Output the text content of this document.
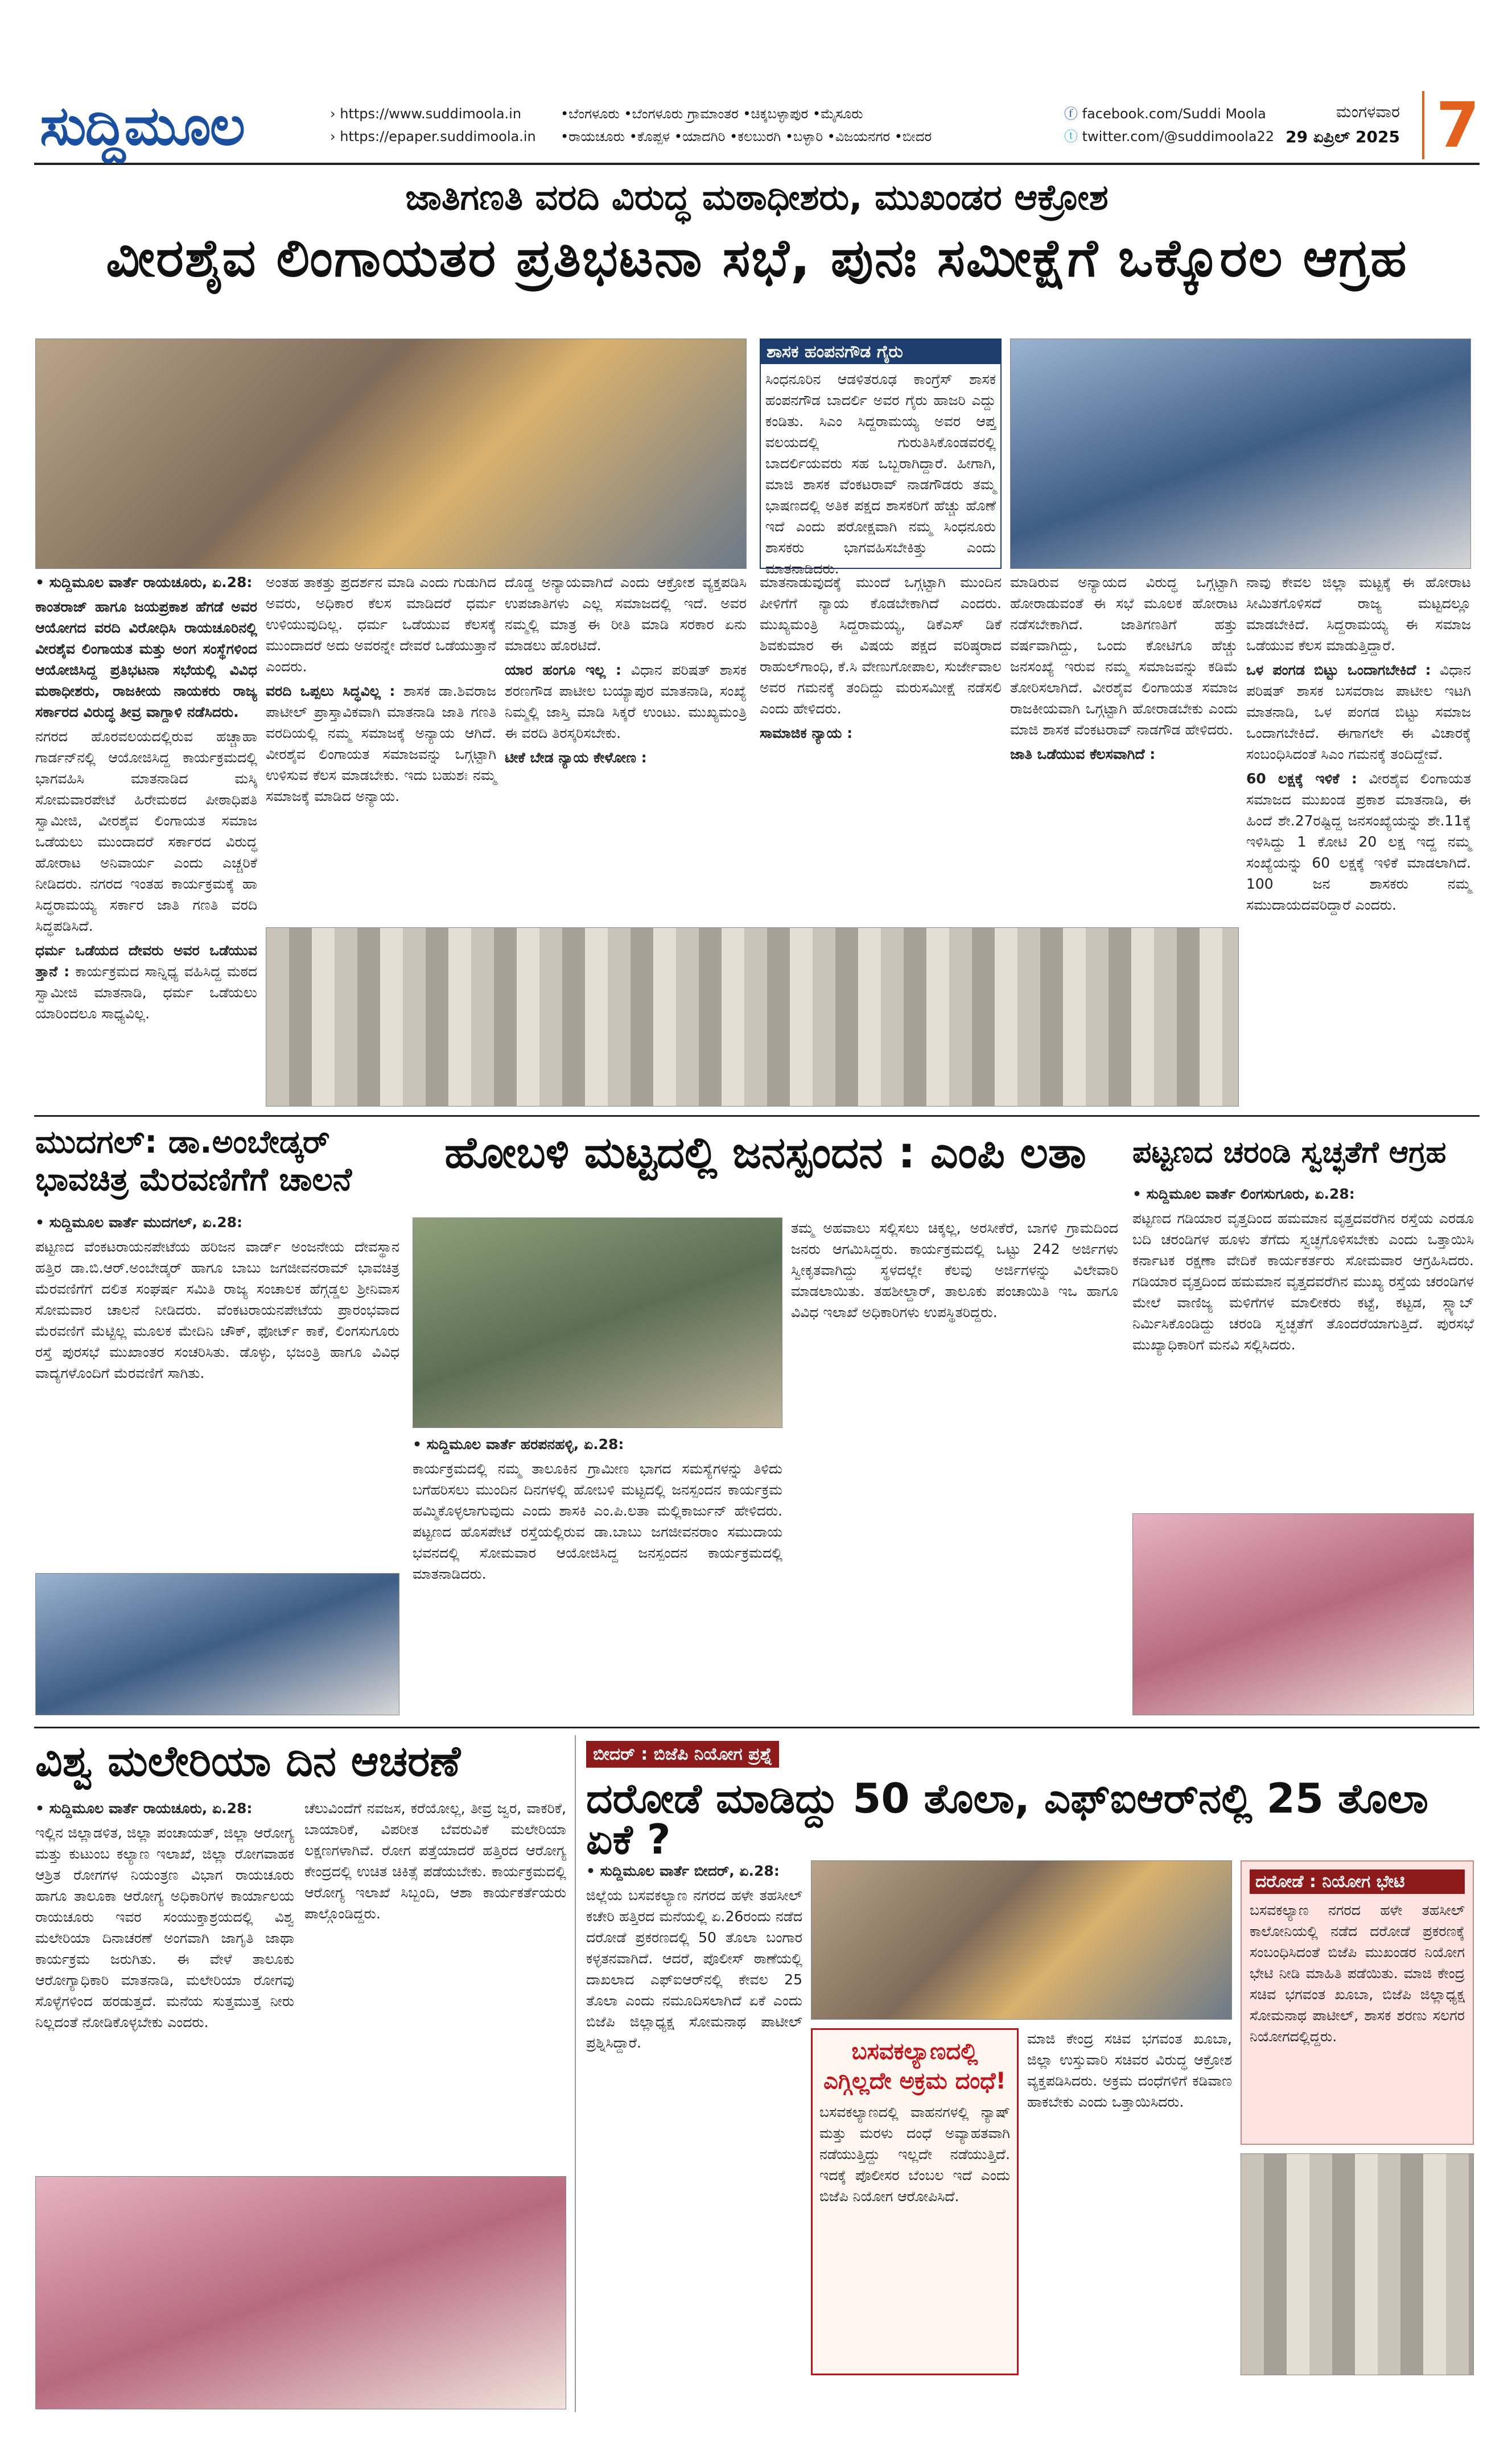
ಸುದ್ದಿಮೂಲ	› https://www.suddimoola.in
› https://epaper.suddimoola.in
•ಬೆಂಗಳೂರು •ಬೆಂಗಳೂರು ಗ್ರಾಮಾಂತರ •ಚಿಕ್ಕಬಳ್ಳಾಪುರ •ಮೈಸೂರು
•ರಾಯಚೂರು •ಕೊಪ್ಪಳ •ಯಾದಗಿರಿ •ಕಲಬುರಗಿ •ಬಳ್ಳಾರಿ •ವಿಜಯನಗರ •ಬೀದರ
ⓕ facebook.com/Suddi Moola
ⓣ twitter.com/@suddimoola22
ಮಂಗಳವಾರ
29 ಏಪ್ರಿಲ್ 2025 7
ಜಾತಿಗಣತಿ ವರದಿ ವಿರುದ್ಧ ಮಠಾಧೀಶರು, ಮುಖಂಡರ ಆಕ್ರೋಶ
ವೀರಶೈವ ಲಿಂಗಾಯತರ ಪ್ರತಿಭಟನಾ ಸಭೆ, ಪುನಃ ಸಮೀಕ್ಷೆಗೆ ಒಕ್ಕೊರಲ ಆಗ್ರಹ
ಶಾಸಕ ಹಂಪನಗೌಡ ಗೈರು
ಸಿಂಧನೂರಿನ ಆಡಳಿತರೂಢ ಕಾಂಗ್ರೆಸ್ ಶಾಸಕ ಹಂಪನಗೌಡ ಬಾದರ್ಲಿ ಅವರ ಗೈರು ಹಾಜರಿ ಎದ್ದು ಕಂಡಿತು. ಸಿಎಂ ಸಿದ್ದರಾಮಯ್ಯ ಅವರ ಆಪ್ತ ವಲಯದಲ್ಲಿ ಗುರುತಿಸಿಕೊಂಡವರಲ್ಲಿ ಬಾದರ್ಲಿಯವರು ಸಹ ಒಬ್ಬರಾಗಿದ್ದಾರೆ. ಹೀಗಾಗಿ, ಮಾಜಿ ಶಾಸಕ ವೆಂಕಟರಾವ್ ನಾಡಗೌಡರು ತಮ್ಮ ಭಾಷಣದಲ್ಲಿ ಅತಿಕ ಪಕ್ಷದ ಶಾಸಕರಿಗೆ ಹೆಚ್ಚು ಹೊಣೆ ಇದೆ ಎಂದು ಪರೋಕ್ಷವಾಗಿ ನಮ್ಮ ಸಿಂಧನೂರು ಶಾಸಕರು ಭಾಗವಹಿಸಬೇಕಿತ್ತು ಎಂದು ಮಾತನಾಡಿದರು.

• ಸುದ್ದಿಮೂಲ ವಾರ್ತೆ ರಾಯಚೂರು, ಏ.28:

ಕಾಂತರಾಜ್ ಹಾಗೂ ಜಯಪ್ರಕಾಶ ಹೆಗಡೆ ಅವರ ಆಯೋಗದ ವರದಿ ವಿರೋಧಿಸಿ ರಾಯಚೂರಿನಲ್ಲಿ ವೀರಶೈವ ಲಿಂಗಾಯತ ಮತ್ತು ಅಂಗ ಸಂಸ್ಥೆಗಳಿಂದ ಆಯೋಜಿಸಿದ್ದ ಪ್ರತಿಭಟನಾ ಸಭೆಯಲ್ಲಿ ವಿವಿಧ ಮಠಾಧೀಶರು, ರಾಜಕೀಯ ನಾಯಕರು ರಾಜ್ಯ ಸರ್ಕಾರದ ವಿರುದ್ಧ ತೀವ್ರ ವಾಗ್ದಾಳಿ ನಡೆಸಿದರು.

ನಗರದ ಹೊರವಲಯದಲ್ಲಿರುವ ಹಚ್ಚಾಹಾ ಗಾರ್ಡನ್‌ನಲ್ಲಿ ಆಯೋಜಿಸಿದ್ದ ಕಾರ್ಯಕ್ರಮದಲ್ಲಿ ಭಾಗವಹಿಸಿ ಮಾತನಾಡಿದ ಮಸ್ಕಿ ಸೋಮವಾರಪೇಟೆ ಹಿರೇಮಠದ ಪೀಠಾಧಿಪತಿ ಸ್ವಾಮೀಜಿ, ವೀರಶೈವ ಲಿಂಗಾಯತ ಸಮಾಜ ಒಡೆಯಲು ಮುಂದಾದರೆ ಸರ್ಕಾರದ ವಿರುದ್ಧ ಹೋರಾಟ ಅನಿವಾರ್ಯ ಎಂದು ಎಚ್ಚರಿಕೆ ನೀಡಿದರು. ನಗರದ ಇಂತಹ ಕಾರ್ಯಕ್ರಮಕ್ಕೆ ಹಾ ಸಿದ್ಧರಾಮಯ್ಯ ಸರ್ಕಾರ ಜಾತಿ ಗಣತಿ ವರದಿ ಸಿದ್ಧಪಡಿಸಿದೆ.

ಧರ್ಮ ಒಡೆಯದ ದೇವರು ಅವರ ಒಡೆಯುವ ತ್ತಾನೆ : ಕಾರ್ಯಕ್ರಮದ ಸಾನ್ನಿಧ್ಯ ವಹಿಸಿದ್ದ ಮಠದ ಸ್ವಾಮೀಜಿ ಮಾತನಾಡಿ, ಧರ್ಮ ಒಡೆಯಲು ಯಾರಿಂದಲೂ ಸಾಧ್ಯವಿಲ್ಲ.

ಅಂತಹ ತಾಕತ್ತು ಪ್ರದರ್ಶನ ಮಾಡಿ ಎಂದು ಗುಡುಗಿದ ಅವರು, ಅಧಿಕಾರ ಕೆಲಸ ಮಾಡಿದರೆ ಧರ್ಮ ಉಳಿಯುವುದಿಲ್ಲ. ಧರ್ಮ ಒಡೆಯುವ ಕೆಲಸಕ್ಕೆ ಮುಂದಾದರೆ ಅದು ಅವರನ್ನೇ ದೇವರೆ ಒಡೆಯುತ್ತಾನೆ ಎಂದರು.

ವರದಿ ಒಪ್ಪಲು ಸಿದ್ಧವಿಲ್ಲ : ಶಾಸಕ ಡಾ.ಶಿವರಾಜ ಪಾಟೀಲ್ ಪ್ರಾಸ್ತಾವಿಕವಾಗಿ ಮಾತನಾಡಿ ಜಾತಿ ಗಣತಿ ವರದಿಯಲ್ಲಿ ನಮ್ಮ ಸಮಾಜಕ್ಕೆ ಅನ್ಯಾಯ ಆಗಿದೆ. ವೀರಶೈವ ಲಿಂಗಾಯತ ಸಮಾಜವನ್ನು ಒಗ್ಗಟ್ಟಾಗಿ ಉಳಿಸುವ ಕೆಲಸ ಮಾಡಬೇಕು. ಇದು ಬಹುಶಃ ನಮ್ಮ ಸಮಾಜಕ್ಕೆ ಮಾಡಿದ ಅನ್ಯಾಯ.

ದೊಡ್ಡ ಅನ್ಯಾಯವಾಗಿದೆ ಎಂದು ಆಕ್ರೋಶ ವ್ಯಕ್ತಪಡಿಸಿ ಉಪಜಾತಿಗಳು ಎಲ್ಲ ಸಮಾಜದಲ್ಲಿ ಇದೆ. ಅವರ ನಮ್ಮಲ್ಲಿ ಮಾತ್ರ ಈ ರೀತಿ ಮಾಡಿ ಸರಕಾರ ಏನು ಮಾಡಲು ಹೊರಟಿದೆ.

ಯಾರ ಹಂಗೂ ಇಲ್ಲ : ವಿಧಾನ ಪರಿಷತ್ ಶಾಸಕ ಶರಣಗೌಡ ಪಾಟೀಲ ಬಯ್ಯಾಪುರ ಮಾತನಾಡಿ, ಸಂಖ್ಯೆ ನಿಮ್ಮಲ್ಲಿ ಜಾಸ್ತಿ ಮಾಡಿ ಸಿಕ್ಕರೆ ಉಂಟು. ಮುಖ್ಯಮಂತ್ರಿ ಈ ವರದಿ ತಿರಸ್ಕರಿಸಬೇಕು.

ಟೀಕೆ ಬೇಡ ನ್ಯಾಯ ಕೇಳೋಣ :

ಮಾತನಾಡುವುದಕ್ಕೆ ಮುಂದೆ ಒಗ್ಗಟ್ಟಾಗಿ ಮುಂದಿನ ಪೀಳಿಗೆಗೆ ನ್ಯಾಯ ಕೊಡಬೇಕಾಗಿದೆ ಎಂದರು. ಮುಖ್ಯಮಂತ್ರಿ ಸಿದ್ದರಾಮಯ್ಯ, ಡಿಕೆಎಸ್ ಡಿಕೆ ಶಿವಕುಮಾರ ಈ ವಿಷಯ ಪಕ್ಷದ ವರಿಷ್ಠರಾದ ರಾಹುಲ್‌ಗಾಂಧಿ, ಕೆ.ಸಿ ವೇಣುಗೋಪಾಲ, ಸುರ್ಜೇವಾಲ ಅವರ ಗಮನಕ್ಕೆ ತಂದಿದ್ದು ಮರುಸಮೀಕ್ಷೆ ನಡೆಸಲಿ ಎಂದು ಹೇಳಿದರು.

ಸಾಮಾಜಿಕ ನ್ಯಾಯ :

ಮಾಡಿರುವ ಅನ್ಯಾಯದ ವಿರುದ್ಧ ಒಗ್ಗಟ್ಟಾಗಿ ಹೋರಾಡುವಂತೆ ಈ ಸಭೆ ಮೂಲಕ ಹೋರಾಟ ನಡೆಸಬೇಕಾಗಿದೆ. ಜಾತಿಗಣತಿಗೆ ಹತ್ತು ವರ್ಷವಾಗಿದ್ದು, ಒಂದು ಕೋಟಿಗೂ ಹೆಚ್ಚು ಜನಸಂಖ್ಯೆ ಇರುವ ನಮ್ಮ ಸಮಾಜವನ್ನು ಕಡಿಮೆ ತೋರಿಸಲಾಗಿದೆ. ವೀರಶೈವ ಲಿಂಗಾಯತ ಸಮಾಜ ರಾಜಕೀಯವಾಗಿ ಒಗ್ಗಟ್ಟಾಗಿ ಹೋರಾಡಬೇಕು ಎಂದು ಮಾಜಿ ಶಾಸಕ ವೆಂಕಟರಾವ್ ನಾಡಗೌಡ ಹೇಳಿದರು.

ಜಾತಿ ಒಡೆಯುವ ಕೆಲಸವಾಗಿದೆ :

ನಾವು ಕೇವಲ ಜಿಲ್ಲಾ ಮಟ್ಟಕ್ಕೆ ಈ ಹೋರಾಟ ಸೀಮಿತಗೊಳಿಸದೆ ರಾಜ್ಯ ಮಟ್ಟದಲ್ಲೂ ಮಾಡಬೇಕಿದೆ. ಸಿದ್ದರಾಮಯ್ಯ ಈ ಸಮಾಜ ಒಡೆಯುವ ಕೆಲಸ ಮಾಡುತ್ತಿದ್ದಾರೆ.

ಒಳ ಪಂಗಡ ಬಿಟ್ಟು ಒಂದಾಗಬೇಕಿದೆ : ವಿಧಾನ ಪರಿಷತ್ ಶಾಸಕ ಬಸವರಾಜ ಪಾಟೀಲ ಇಟಗಿ ಮಾತನಾಡಿ, ಒಳ ಪಂಗಡ ಬಿಟ್ಟು ಸಮಾಜ ಒಂದಾಗಬೇಕಿದೆ. ಈಗಾಗಲೇ ಈ ವಿಚಾರಕ್ಕೆ ಸಂಬಂಧಿಸಿದಂತೆ ಸಿಎಂ ಗಮನಕ್ಕೆ ತಂದಿದ್ದೇವೆ.

60 ಲಕ್ಷಕ್ಕೆ ಇಳಿಕೆ : ವೀರಶೈವ ಲಿಂಗಾಯತ ಸಮಾಜದ ಮುಖಂಡ ಪ್ರಕಾಶ ಮಾತನಾಡಿ, ಈ ಹಿಂದೆ ಶೇ.27ರಷ್ಟಿದ್ದ ಜನಸಂಖ್ಯೆಯನ್ನು ಶೇ.11ಕ್ಕೆ ಇಳಿಸಿದ್ದು 1 ಕೋಟಿ 20 ಲಕ್ಷ ಇದ್ದ ನಮ್ಮ ಸಂಖ್ಯೆಯನ್ನು 60 ಲಕ್ಷಕ್ಕೆ ಇಳಿಕೆ ಮಾಡಲಾಗಿದೆ. 100 ಜನ ಶಾಸಕರು ನಮ್ಮ ಸಮುದಾಯದವರಿದ್ದಾರೆ ಎಂದರು.

ಮುದಗಲ್: ಡಾ.ಅಂಬೇಡ್ಕರ್ ಭಾವಚಿತ್ರ ಮೆರವಣಿಗೆಗೆ ಚಾಲನೆ

• ಸುದ್ದಿಮೂಲ ವಾರ್ತೆ ಮುದಗಲ್, ಏ.28:

ಪಟ್ಟಣದ ವೆಂಕಟರಾಯನಪೇಟೆಯ ಹರಿಜನ ವಾರ್ಡ್ ಅಂಜನೇಯ ದೇವಸ್ಥಾನ ಹತ್ತಿರ ಡಾ.ಬಿ.ಆರ್.ಅಂಬೇಡ್ಕರ್ ಹಾಗೂ ಬಾಬು ಜಗಜೀವನರಾಮ್ ಭಾವಚಿತ್ರ ಮೆರವಣಿಗೆಗೆ ದಲಿತ ಸಂಘರ್ಷ ಸಮಿತಿ ರಾಜ್ಯ ಸಂಚಾಲಕ ಹೆಗ್ಗಡ್ಡಲ ಶ್ರೀನಿವಾಸ ಸೋಮವಾರ ಚಾಲನೆ ನೀಡಿದರು. ವೆಂಕಟರಾಯನಪೇಟೆಯ ಪ್ರಾರಂಭವಾದ ಮೆರವಣಿಗೆ ಮೆಟ್ಟಿಲ್ಲ ಮೂಲಕ ಮೇದಿನಿ ಚೌಕ್, ಫೋರ್ಟ್ ಕಾಕೆ, ಲಿಂಗಸುಗೂರು ರಸ್ತೆ ಪುರಸಭೆ ಮುಖಾಂತರ ಸಂಚರಿಸಿತು. ಡೊಳ್ಳು, ಭಜಂತ್ರಿ ಹಾಗೂ ವಿವಿಧ ವಾದ್ಯಗಳೊಂದಿಗೆ ಮೆರವಣಿಗೆ ಸಾಗಿತು.

ಹೋಬಳಿ ಮಟ್ಟದಲ್ಲಿ ಜನಸ್ಪಂದನ : ಎಂಪಿ ಲತಾ

ತಮ್ಮ ಅಹವಾಲು ಸಲ್ಲಿಸಲು ಚಿಕ್ಕಲ್ಲ, ಅರಸೀಕೆರೆ, ಬಾಗಳಿ ಗ್ರಾಮದಿಂದ ಜನರು ಆಗಮಿಸಿದ್ದರು. ಕಾರ್ಯಕ್ರಮದಲ್ಲಿ ಒಟ್ಟು 242 ಅರ್ಜಿಗಳು ಸ್ವೀಕೃತವಾಗಿದ್ದು ಸ್ಥಳದಲ್ಲೇ ಕೆಲವು ಅರ್ಜಿಗಳನ್ನು ವಿಲೇವಾರಿ ಮಾಡಲಾಯಿತು. ತಹಶೀಲ್ದಾರ್, ತಾಲೂಕು ಪಂಚಾಯಿತಿ ಇಒ ಹಾಗೂ ವಿವಿಧ ಇಲಾಖೆ ಅಧಿಕಾರಿಗಳು ಉಪಸ್ಥಿತರಿದ್ದರು.

• ಸುದ್ದಿಮೂಲ ವಾರ್ತೆ ಹರಪನಹಳ್ಳಿ, ಏ.28:

ಕಾರ್ಯಕ್ರಮದಲ್ಲಿ ನಮ್ಮ ತಾಲೂಕಿನ ಗ್ರಾಮೀಣ ಭಾಗದ ಸಮಸ್ಯೆಗಳನ್ನು ತಿಳಿದು ಬಗೆಹರಿಸಲು ಮುಂದಿನ ದಿನಗಳಲ್ಲಿ ಹೋಬಳಿ ಮಟ್ಟದಲ್ಲಿ ಜನಸ್ಪಂದನ ಕಾರ್ಯಕ್ರಮ ಹಮ್ಮಿಕೊಳ್ಳಲಾಗುವುದು ಎಂದು ಶಾಸಕಿ ಎಂ.ಪಿ.ಲತಾ ಮಲ್ಲಿಕಾರ್ಜುನ್ ಹೇಳಿದರು. ಪಟ್ಟಣದ ಹೊಸಪೇಟೆ ರಸ್ತೆಯಲ್ಲಿರುವ ಡಾ.ಬಾಬು ಜಗಜೀವನರಾಂ ಸಮುದಾಯ ಭವನದಲ್ಲಿ ಸೋಮವಾರ ಆಯೋಜಿಸಿದ್ದ ಜನಸ್ಪಂದನ ಕಾರ್ಯಕ್ರಮದಲ್ಲಿ ಮಾತನಾಡಿದರು.

ಪಟ್ಟಣದ ಚರಂಡಿ ಸ್ವಚ್ಛತೆಗೆ ಆಗ್ರಹ

• ಸುದ್ದಿಮೂಲ ವಾರ್ತೆ ಲಿಂಗಸುಗೂರು, ಏ.28:

ಪಟ್ಟಣದ ಗಡಿಯಾರ ವೃತ್ತದಿಂದ ಹಮಮಾನ ವೃತ್ತದವರೆಗಿನ ರಸ್ತೆಯ ಎರಡೂ ಬದಿ ಚರಂಡಿಗಳ ಹೂಳು ತೆಗೆದು ಸ್ವಚ್ಛಗೊಳಿಸಬೇಕು ಎಂದು ಒತ್ತಾಯಿಸಿ ಕರ್ನಾಟಕ ರಕ್ಷಣಾ ವೇದಿಕೆ ಕಾರ್ಯಕರ್ತರು ಸೋಮವಾರ ಆಗ್ರಹಿಸಿದರು. ಗಡಿಯಾರ ವೃತ್ತದಿಂದ ಹಮಮಾನ ವೃತ್ತದವರೆಗಿನ ಮುಖ್ಯ ರಸ್ತೆಯ ಚರಂಡಿಗಳ ಮೇಲೆ ವಾಣಿಜ್ಯ ಮಳಿಗೆಗಳ ಮಾಲೀಕರು ಕಟ್ಟೆ, ಕಟ್ಟಡ, ಸ್ಲ್ಯಾಬ್ ನಿರ್ಮಿಸಿಕೊಂಡಿದ್ದು ಚರಂಡಿ ಸ್ವಚ್ಛತೆಗೆ ತೊಂದರೆಯಾಗುತ್ತಿದೆ. ಪುರಸಭೆ ಮುಖ್ಯಾಧಿಕಾರಿಗೆ ಮನವಿ ಸಲ್ಲಿಸಿದರು.

ವಿಶ್ವ ಮಲೇರಿಯಾ ದಿನ ಆಚರಣೆ

• ಸುದ್ದಿಮೂಲ ವಾರ್ತೆ ರಾಯಚೂರು, ಏ.28:

ಇಲ್ಲಿನ ಜಿಲ್ಲಾಡಳಿತ, ಜಿಲ್ಲಾ ಪಂಚಾಯತ್, ಜಿಲ್ಲಾ ಆರೋಗ್ಯ ಮತ್ತು ಕುಟುಂಬ ಕಲ್ಯಾಣ ಇಲಾಖೆ, ಜಿಲ್ಲಾ ರೋಗವಾಹಕ ಆಶ್ರಿತ ರೋಗಗಳ ನಿಯಂತ್ರಣ ವಿಭಾಗ ರಾಯಚೂರು ಹಾಗೂ ತಾಲೂಕಾ ಆರೋಗ್ಯ ಅಧಿಕಾರಿಗಳ ಕಾರ್ಯಾಲಯ ರಾಯಚೂರು ಇವರ ಸಂಯುಕ್ತಾಶ್ರಯದಲ್ಲಿ ವಿಶ್ವ ಮಲೇರಿಯಾ ದಿನಾಚರಣೆ ಅಂಗವಾಗಿ ಜಾಗೃತಿ ಜಾಥಾ ಕಾರ್ಯಕ್ರಮ ಜರುಗಿತು. ಈ ವೇಳೆ ತಾಲೂಕು ಆರೋಗ್ಯಾಧಿಕಾರಿ ಮಾತನಾಡಿ, ಮಲೇರಿಯಾ ರೋಗವು ಸೊಳ್ಳೆಗಳಿಂದ ಹರಡುತ್ತದೆ. ಮನೆಯ ಸುತ್ತಮುತ್ತ ನೀರು ನಿಲ್ಲದಂತೆ ನೋಡಿಕೊಳ್ಳಬೇಕು ಎಂದರು.

ಚೆಲುವಿಂದೆಗೆ ನವಜಸ, ಕರೆಯೋಲ್ಲ, ತೀವ್ರ ಜ್ವರ, ವಾಕರಿಕೆ, ಬಾಯಾರಿಕೆ, ವಿಪರೀತ ಬೆವರುವಿಕೆ ಮಲೇರಿಯಾ ಲಕ್ಷಣಗಳಾಗಿವೆ. ರೋಗ ಪತ್ತೆಯಾದರೆ ಹತ್ತಿರದ ಆರೋಗ್ಯ ಕೇಂದ್ರದಲ್ಲಿ ಉಚಿತ ಚಿಕಿತ್ಸೆ ಪಡೆಯಬೇಕು. ಕಾರ್ಯಕ್ರಮದಲ್ಲಿ ಆರೋಗ್ಯ ಇಲಾಖೆ ಸಿಬ್ಬಂದಿ, ಆಶಾ ಕಾರ್ಯಕರ್ತೆಯರು ಪಾಲ್ಗೊಂಡಿದ್ದರು.

ಬೀದರ್ : ಬಿಜೆಪಿ ನಿಯೋಗ ಪ್ರಶ್ನೆ
ದರೋಡೆ ಮಾಡಿದ್ದು 50 ತೊಲಾ, ಎಫ್‌ಐಆರ್‌ನಲ್ಲಿ 25 ತೊಲಾ ಏಕೆ ?

• ಸುದ್ದಿಮೂಲ ವಾರ್ತೆ ಬೀದರ್, ಏ.28:

ಜಿಲ್ಲೆಯ ಬಸವಕಲ್ಯಾಣ ನಗರದ ಹಳೇ ತಹಸೀಲ್ ಕಚೇರಿ ಹತ್ತಿರದ ಮನೆಯಲ್ಲಿ ಏ.26ರಂದು ನಡೆದ ದರೋಡೆ ಪ್ರಕರಣದಲ್ಲಿ 50 ತೊಲಾ ಬಂಗಾರ ಕಳ್ಳತನವಾಗಿದೆ. ಆದರೆ, ಪೊಲೀಸ್ ಠಾಣೆಯಲ್ಲಿ ದಾಖಲಾದ ಎಫ್‌ಐಆರ್‌ನಲ್ಲಿ ಕೇವಲ 25 ತೊಲಾ ಎಂದು ನಮೂದಿಸಲಾಗಿದೆ ಏಕೆ ಎಂದು ಬಿಜೆಪಿ ಜಿಲ್ಲಾಧ್ಯಕ್ಷ ಸೋಮನಾಥ ಪಾಟೀಲ್ ಪ್ರಶ್ನಿಸಿದ್ದಾರೆ.	ಬಸವಕಲ್ಯಾಣದಲ್ಲಿ ಎಗ್ಗಿಲ್ಲದೇ ಅಕ್ರಮ ದಂಧೆ!
ಬಸವಕಲ್ಯಾಣದಲ್ಲಿ ವಾಹನಗಳಲ್ಲಿ ನ್ಯಾಷ್ ಮತ್ತು ಮರಳು ದಂಧೆ ಅವ್ಯಾಹತವಾಗಿ ನಡೆಯುತ್ತಿದ್ದು ಇಲ್ಲದೇ ನಡೆಯುತ್ತಿದೆ. ಇದಕ್ಕೆ ಪೊಲೀಸರ ಬೆಂಬಲ ಇದೆ ಎಂದು ಬಿಜೆಪಿ ನಿಯೋಗ ಆರೋಪಿಸಿದೆ.

ಮಾಜಿ ಕೇಂದ್ರ ಸಚಿವ ಭಗವಂತ ಖೂಬಾ, ಜಿಲ್ಲಾ ಉಸ್ತುವಾರಿ ಸಚಿವರ ವಿರುದ್ಧ ಆಕ್ರೋಶ ವ್ಯಕ್ತಪಡಿಸಿದರು. ಅಕ್ರಮ ದಂಧೆಗಳಿಗೆ ಕಡಿವಾಣ ಹಾಕಬೇಕು ಎಂದು ಒತ್ತಾಯಿಸಿದರು.

ದರೋಡೆ : ನಿಯೋಗ ಭೇಟಿ
ಬಸವಕಲ್ಯಾಣ ನಗರದ ಹಳೇ ತಹಸೀಲ್ ಕಾಲೋನಿಯಲ್ಲಿ ನಡೆದ ದರೋಡೆ ಪ್ರಕರಣಕ್ಕೆ ಸಂಬಂಧಿಸಿದಂತೆ ಬಿಜೆಪಿ ಮುಖಂಡರ ನಿಯೋಗ ಭೇಟಿ ನೀಡಿ ಮಾಹಿತಿ ಪಡೆಯಿತು. ಮಾಜಿ ಕೇಂದ್ರ ಸಚಿವ ಭಗವಂತ ಖೂಬಾ, ಬಿಜೆಪಿ ಜಿಲ್ಲಾಧ್ಯಕ್ಷ ಸೋಮನಾಥ ಪಾಟೀಲ್, ಶಾಸಕ ಶರಣು ಸಲಗರ ನಿಯೋಗದಲ್ಲಿದ್ದರು.
